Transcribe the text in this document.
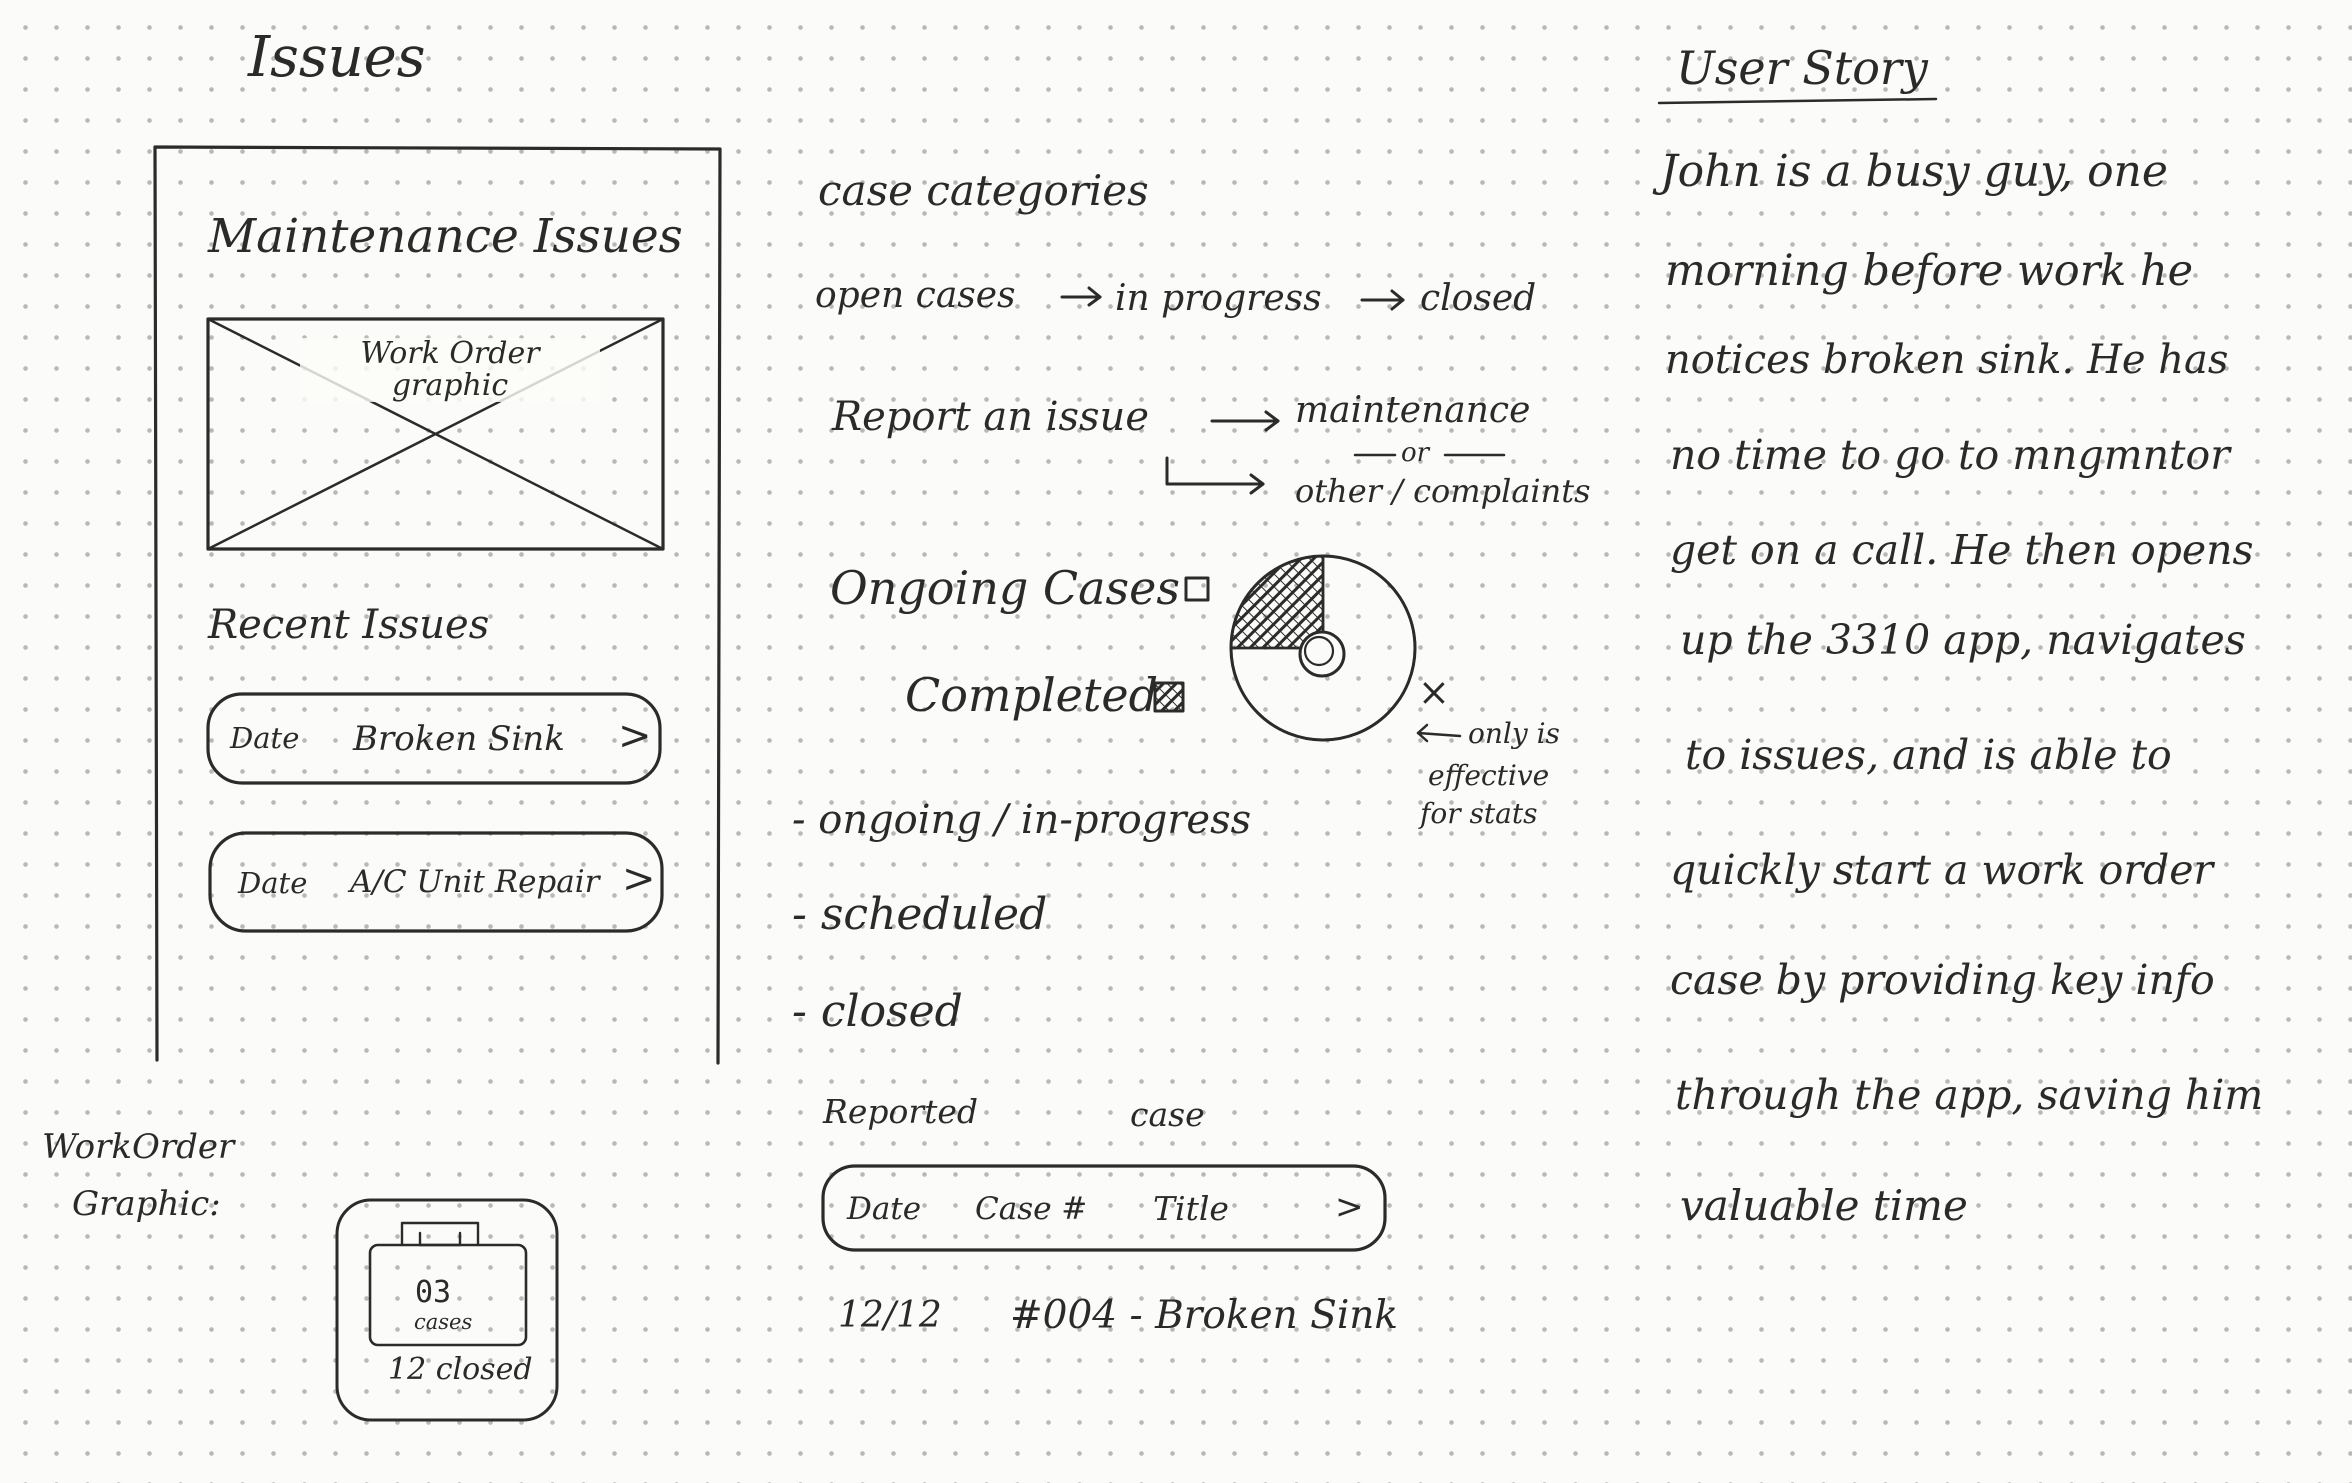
Issues
Maintenance Issues
Work Order graphic
Recent Issues
Date Broken Sink >
Date A/C Unit Repair >
WorkOrder
Graphic:
03
cases
12 closed
case categories
open cases	in progress	closed
Report an issue	maintenance
or
other / complaints
Ongoing Cases
Completed	×
only is
effective
for stats
- ongoing / in-progress
- scheduled
- closed
Reported	case
Date Case # Title	>
12/12 #004 - Broken Sink
User Story
John is a busy guy, one
morning before work he
notices broken sink. He has
no time to go to mngmntor
get on a call. He then opens
up the 3310 app, navigates
to issues, and is able to
quickly start a work order
case by providing key info
through the app, saving him
valuable time
